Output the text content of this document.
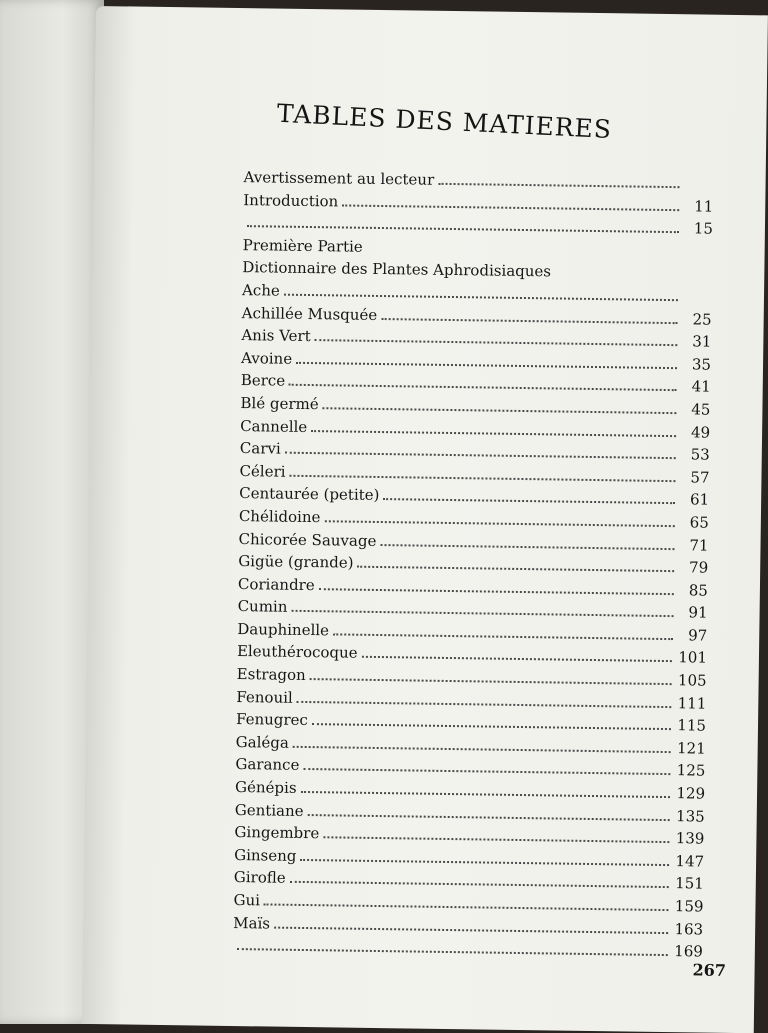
TABLES DES MATIERES
Avertissement au lecteur
Introduction	11
15
Première Partie
Dictionnaire des Plantes Aphrodisiaques
Ache
Achillée Musquée	25
Anis Vert	31
Avoine	35
Berce	41
Blé germé	45
Cannelle	49
Carvi	53
Céleri	57
Centaurée (petite)	61
Chélidoine	65
Chicorée Sauvage	71
Gigüe (grande)	79
Coriandre	85
Cumin	91
Dauphinelle	97
Eleuthérocoque	101
Estragon	105
Fenouil	111
Fenugrec	115
Galéga	121
Garance	125
Génépis	129
Gentiane	135
Gingembre	139
Ginseng	147
Girofle	151
Gui	159
Maïs	163
169
267
